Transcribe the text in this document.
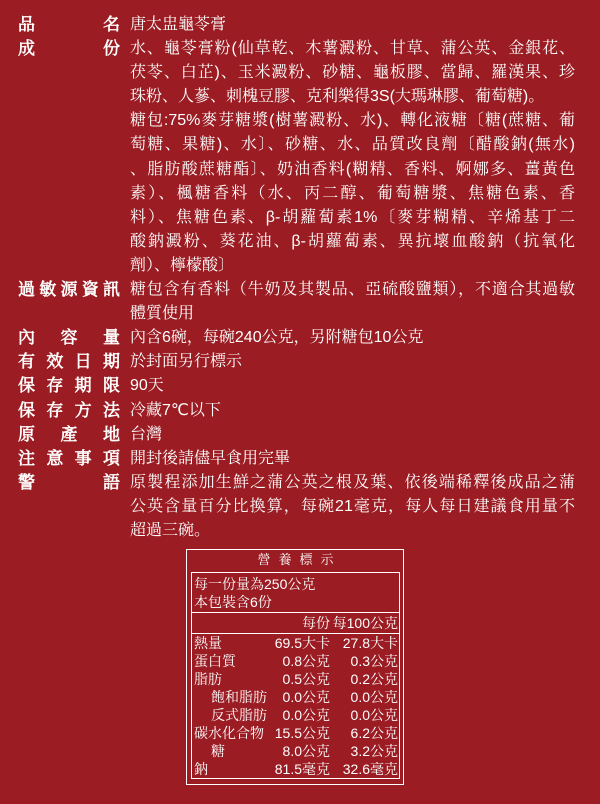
品名 唐太盅龜苓膏
成份 水、龜苓膏粉(仙草乾、木薯澱粉、甘草、蒲公英、金銀花、
茯苓、白芷)、玉米澱粉、砂糖、龜板膠、當歸、羅漢果、珍
珠粉、人蔘、刺槐豆膠、克利樂得3S(大瑪琳膠、葡萄糖)。
糖包:75%麥芽糖漿(樹薯澱粉、水)、轉化液糖〔糖(蔗糖、葡
萄糖、果糖)、水〕、砂糖、水、品質改良劑〔醋酸鈉(無水)
、脂肪酸蔗糖酯〕、奶油香料(糊精、香料、婀娜多、薑黃色
素）、楓糖香料（水、丙二醇、葡萄糖漿、焦糖色素、香
料）、焦糖色素、β-胡蘿蔔素1%〔麥芽糊精、辛烯基丁二
酸鈉澱粉、葵花油、β-胡蘿蔔素、異抗壞血酸鈉（抗氧化
劑）、檸檬酸〕
過敏源資訊 糖包含有香料（牛奶及其製品、亞硫酸鹽類），不適合其過敏
體質使用
內容量 內含6碗，每碗240公克，另附糖包10公克
有效日期 於封面另行標示
保存期限 90天
保存方法 冷藏7℃以下
原產地 台灣
注意事項 開封後請儘早食用完畢
警語 原製程添加生鮮之蒲公英之根及葉、依後端稀釋後成品之蒲
公英含量百分比換算，每碗21毫克，每人每日建議食用量不
超過三碗。
營養標示
每一份量為250公克
本包裝含6份
每份 每100公克
熱量	69.5大卡 27.8大卡
蛋白質	0.8公克	0.3公克
脂肪	0.5公克	0.2公克
飽和脂肪	0.0公克	0.0公克
反式脂肪	0.0公克	0.0公克
碳水化合物 15.5公克	6.2公克
糖	8.0公克	3.2公克
鈉	81.5毫克 32.6毫克
